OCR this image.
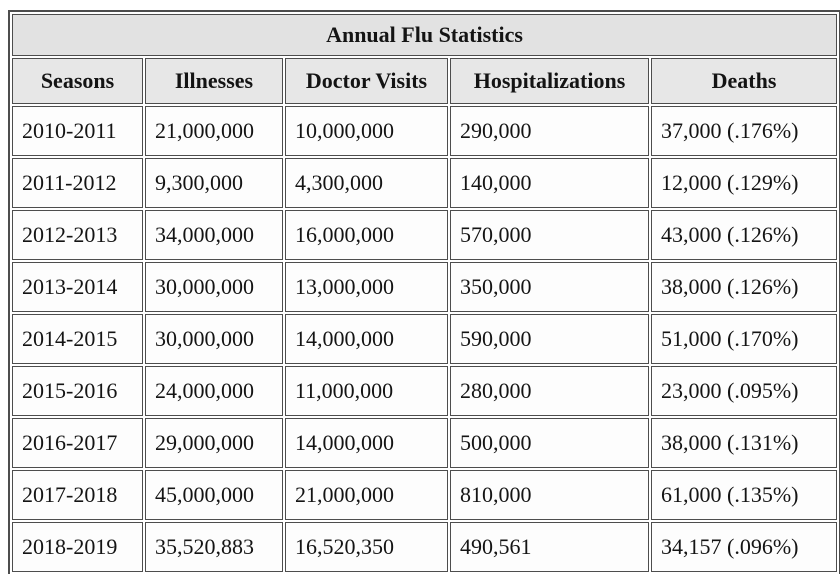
Annual Flu Statistics				
Seasons	Illnesses	Doctor Visits	Hospitalizations	Deaths
2010-2011	21,000,000	10,000,000	290,000	37,000 (.176%)
2011-2012	9,300,000	4,300,000	140,000	12,000 (.129%)
2012-2013	34,000,000	16,000,000	570,000	43,000 (.126%)
2013-2014	30,000,000	13,000,000	350,000	38,000 (.126%)
2014-2015	30,000,000	14,000,000	590,000	51,000 (.170%)
2015-2016	24,000,000	11,000,000	280,000	23,000 (.095%)
2016-2017	29,000,000	14,000,000	500,000	38,000 (.131%)
2017-2018	45,000,000	21,000,000	810,000	61,000 (.135%)
2018-2019	35,520,883	16,520,350	490,561	34,157 (.096%)
